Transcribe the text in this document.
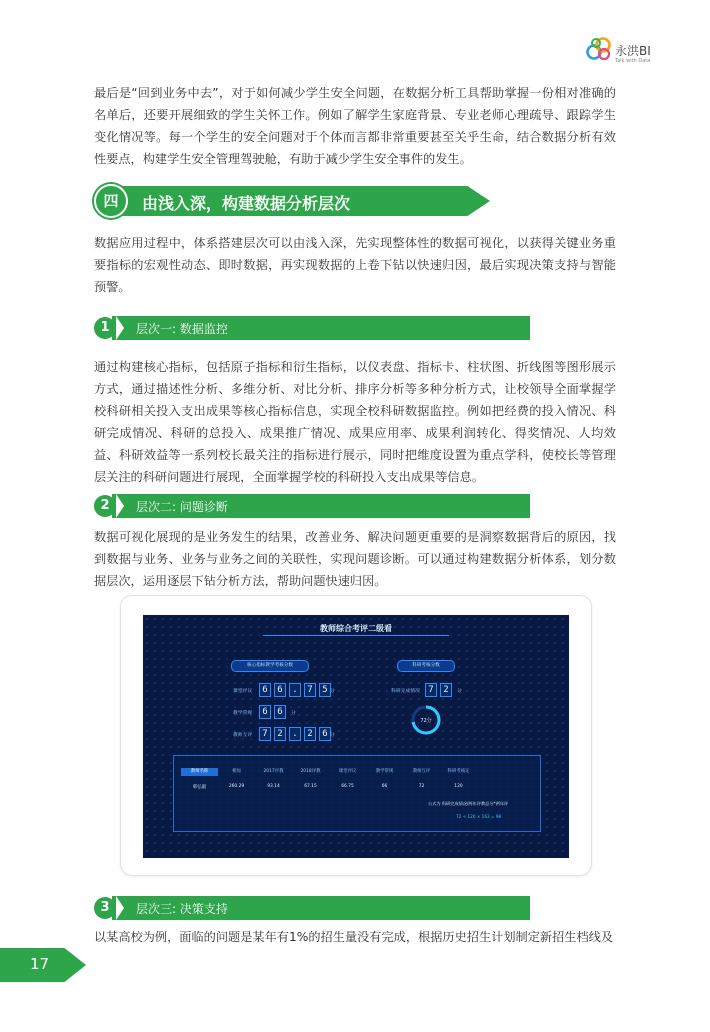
永洪BI
Talk with Data

最后是“回到业务中去”，对于如何减少学生安全问题，在数据分析工具帮助掌握一份相对准确的名单后，还要开展细致的学生关怀工作。例如了解学生家庭背景、专业老师心理疏导、跟踪学生变化情况等。每一个学生的安全问题对于个体而言都非常重要甚至关乎生命，结合数据分析有效性要点，构建学生安全管理驾驶舱，有助于减少学生安全事件的发生。

四	由浅入深，构建数据分析层次

数据应用过程中，体系搭建层次可以由浅入深，先实现整体性的数据可视化，以获得关键业务重要指标的宏观性动态、即时数据，再实现数据的上卷下钻以快速归因，最后实现决策支持与智能预警。

1	层次一: 数据监控

通过构建核心指标，包括原子指标和衍生指标，以仪表盘、指标卡、柱状图、折线图等图形展示方式，通过描述性分析、多维分析、对比分析、排序分析等多种分析方式，让校领导全面掌握学校科研相关投入支出成果等核心指标信息，实现全校科研数据监控。例如把经费的投入情况、科研完成情况、科研的总投入、成果推广情况、成果应用率、成果利润转化、得奖情况、人均效益、科研效益等一系列校长最关注的指标进行展示，同时把维度设置为重点学科，使校长等管理层关注的科研问题进行展现，全面掌握学校的科研投入支出成果等信息。

2	层次二: 问题诊断

数据可视化展现的是业务发生的结果，改善业务、解决问题更重要的是洞察数据背后的原因，找到数据与业务、业务与业务之间的关联性，实现问题诊断。可以通过构建数据分析体系，划分数据层次，运用逐层下钻分析方法，帮助问题快速归因。

教师综合考评二级看
核心指标教学考核分数	科研考核分数
课堂评议	6	6	.	7	5 分
教学常规	6	6	分
教师互评	7	2	.	2	6 分
科研完成情况 7	2	分
72分
教师名称	相加	2017评教	2018评教	课堂评议	教学常规	教师互评	科研考核定
韩弘毅	260.29	93.14	67.15	66.75	66	72	120
公式为 科研完成情况/两年评教总分*两年评
72 ÷ 120 × 163 = 98
3	层次三: 决策支持

以某高校为例，面临的问题是某年有1%的招生量没有完成，根据历史招生计划制定新招生档线及

17
